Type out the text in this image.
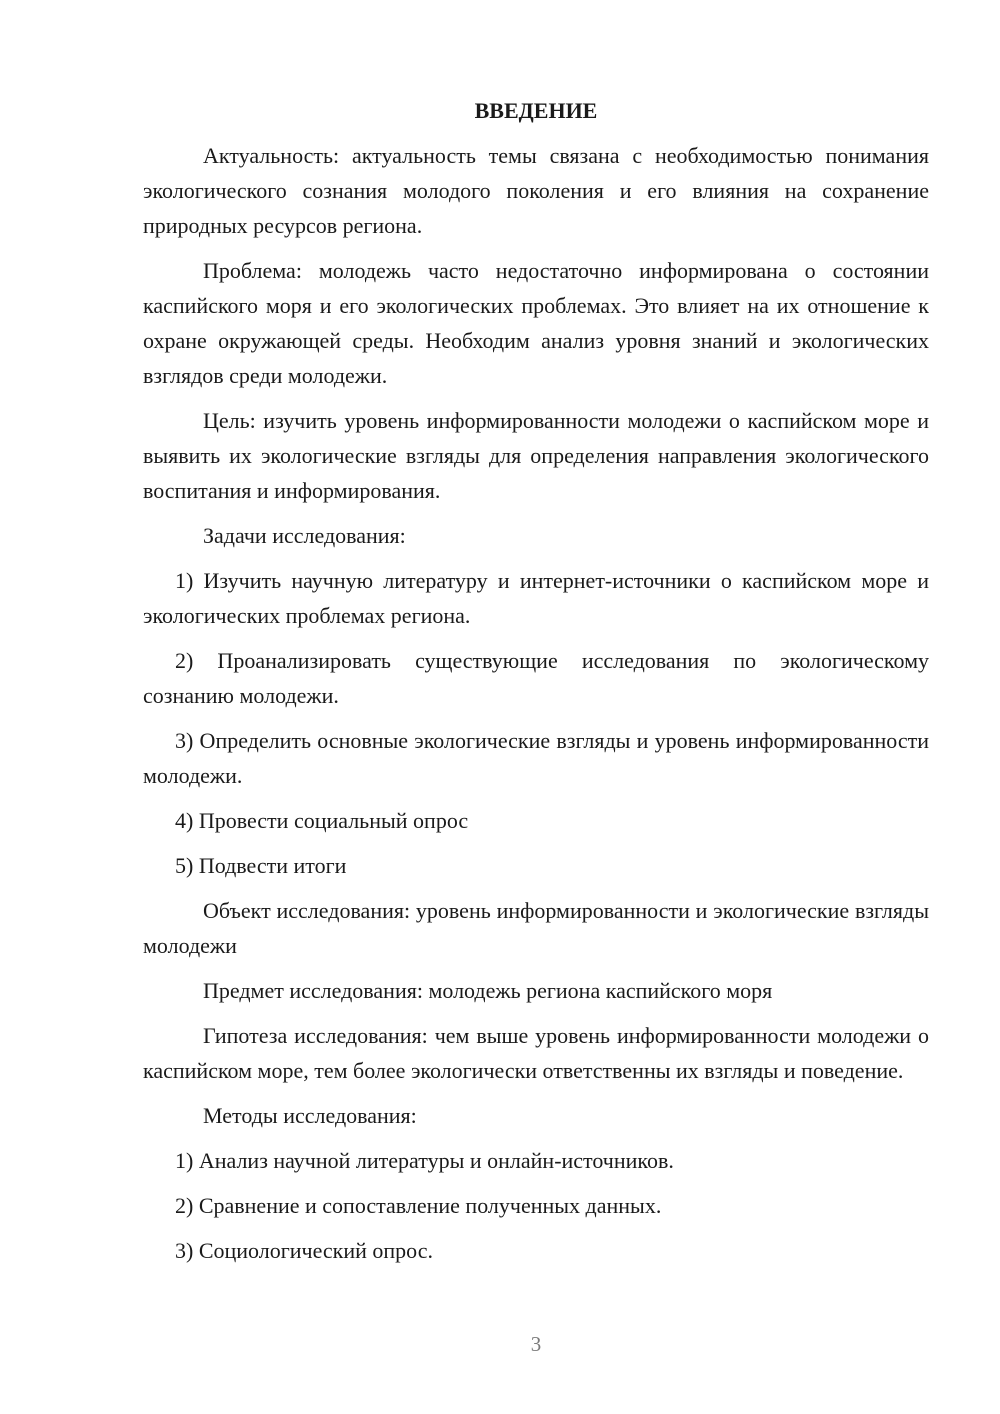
ВВЕДЕНИЕ

Актуальность: актуальность темы связана с необходимостью понимания экологического сознания молодого поколения и его влияния на сохранение природных ресурсов региона.

Проблема: молодежь часто недостаточно информирована о состоянии каспийского моря и его экологических проблемах. Это влияет на их отношение к охране окружающей среды. Необходим анализ уровня знаний и экологических взглядов среди молодежи.

Цель: изучить уровень информированности молодежи о каспийском море и выявить их экологические взгляды для определения направления экологического воспитания и информирования.

Задачи исследования:

1) Изучить научную литературу и интернет-источники о каспийском море и экологических проблемах региона.

2) Проанализировать существующие исследования по экологическому сознанию молодежи.

3) Определить основные экологические взгляды и уровень информированности молодежи.

4) Провести социальный опрос

5) Подвести итоги

Объект исследования: уровень информированности и экологические взгляды молодежи

Предмет исследования: молодежь региона каспийского моря

Гипотеза исследования: чем выше уровень информированности молодежи о каспийском море, тем более экологически ответственны их взгляды и поведение.

Методы исследования:

1) Анализ научной литературы и онлайн-источников.

2) Сравнение и сопоставление полученных данных.

3) Социологический опрос.

3
